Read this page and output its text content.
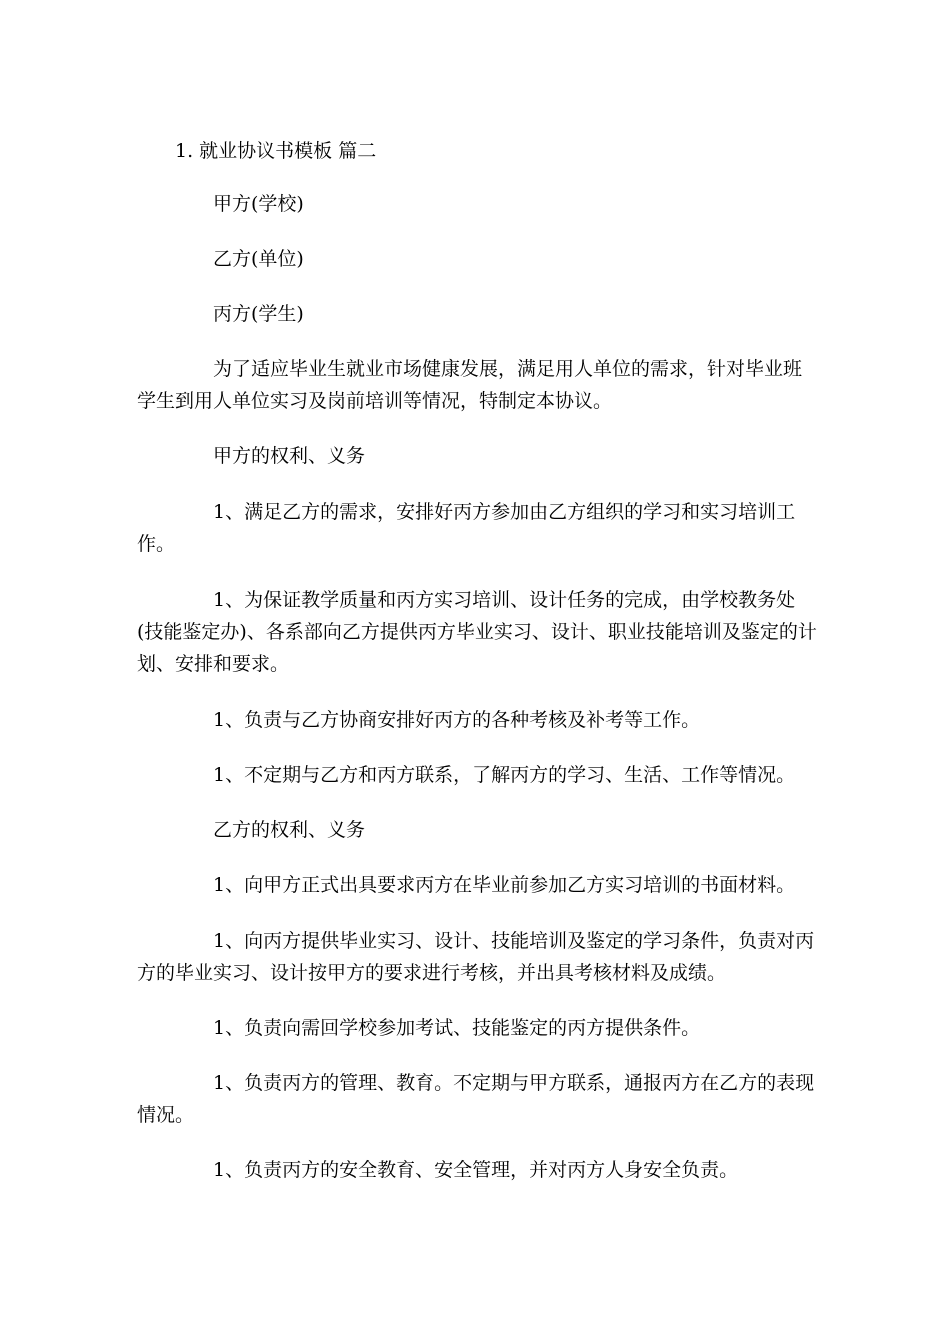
1. 就业协议书模板 篇二

甲方(学校)

乙方(单位)

丙方(学生)

为了适应毕业生就业市场健康发展，满足用人单位的需求，针对毕业班学生到用人单位实习及岗前培训等情况，特制定本协议。

甲方的权利、义务

1、满足乙方的需求，安排好丙方参加由乙方组织的学习和实习培训工作。

1、为保证教学质量和丙方实习培训、设计任务的完成，由学校教务处(技能鉴定办)、各系部向乙方提供丙方毕业实习、设计、职业技能培训及鉴定的计划、安排和要求。

1、负责与乙方协商安排好丙方的各种考核及补考等工作。

1、不定期与乙方和丙方联系，了解丙方的学习、生活、工作等情况。

乙方的权利、义务

1、向甲方正式出具要求丙方在毕业前参加乙方实习培训的书面材料。

1、向丙方提供毕业实习、设计、技能培训及鉴定的学习条件，负责对丙方的毕业实习、设计按甲方的要求进行考核，并出具考核材料及成绩。

1、负责向需回学校参加考试、技能鉴定的丙方提供条件。

1、负责丙方的管理、教育。不定期与甲方联系，通报丙方在乙方的表现情况。

1、负责丙方的安全教育、安全管理，并对丙方人身安全负责。
